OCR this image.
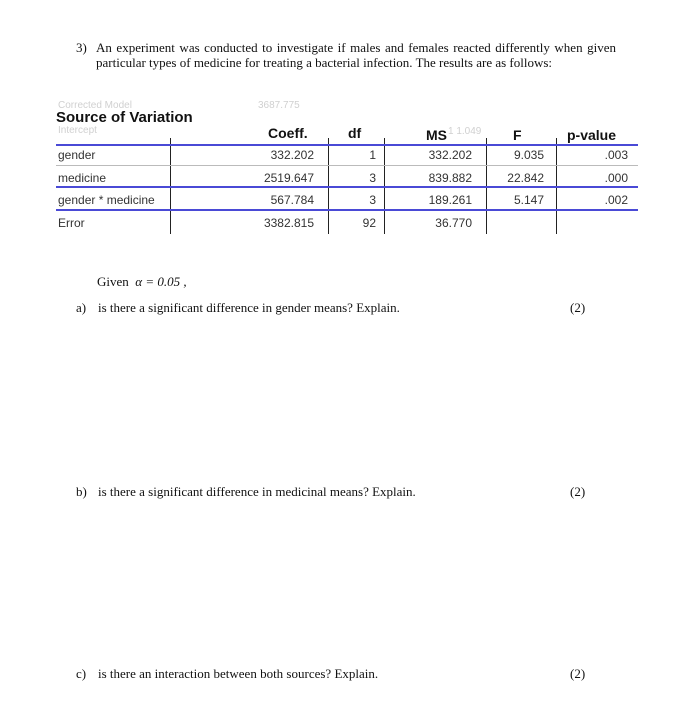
3) An experiment was conducted to investigate if males and females reacted differently when given particular types of medicine for treating a bacterial infection. The results are as follows:
Corrected Model
Intercept
3687.775
1 1.049
Source of Variation
Coeff.	df	MS	F	p-value
gender	332.202	1	332.202	9.035	.003
medicine	2519.647	3	839.882	22.842	.000
gender * medicine	567.784	3	189.261	5.147	.002
Error	3382.815	92	36.770
Given α = 0.05 ,
a) is there a significant difference in gender means? Explain.	(2)
b) is there a significant difference in medicinal means? Explain.	(2)
c) is there an interaction between both sources? Explain.	(2)
